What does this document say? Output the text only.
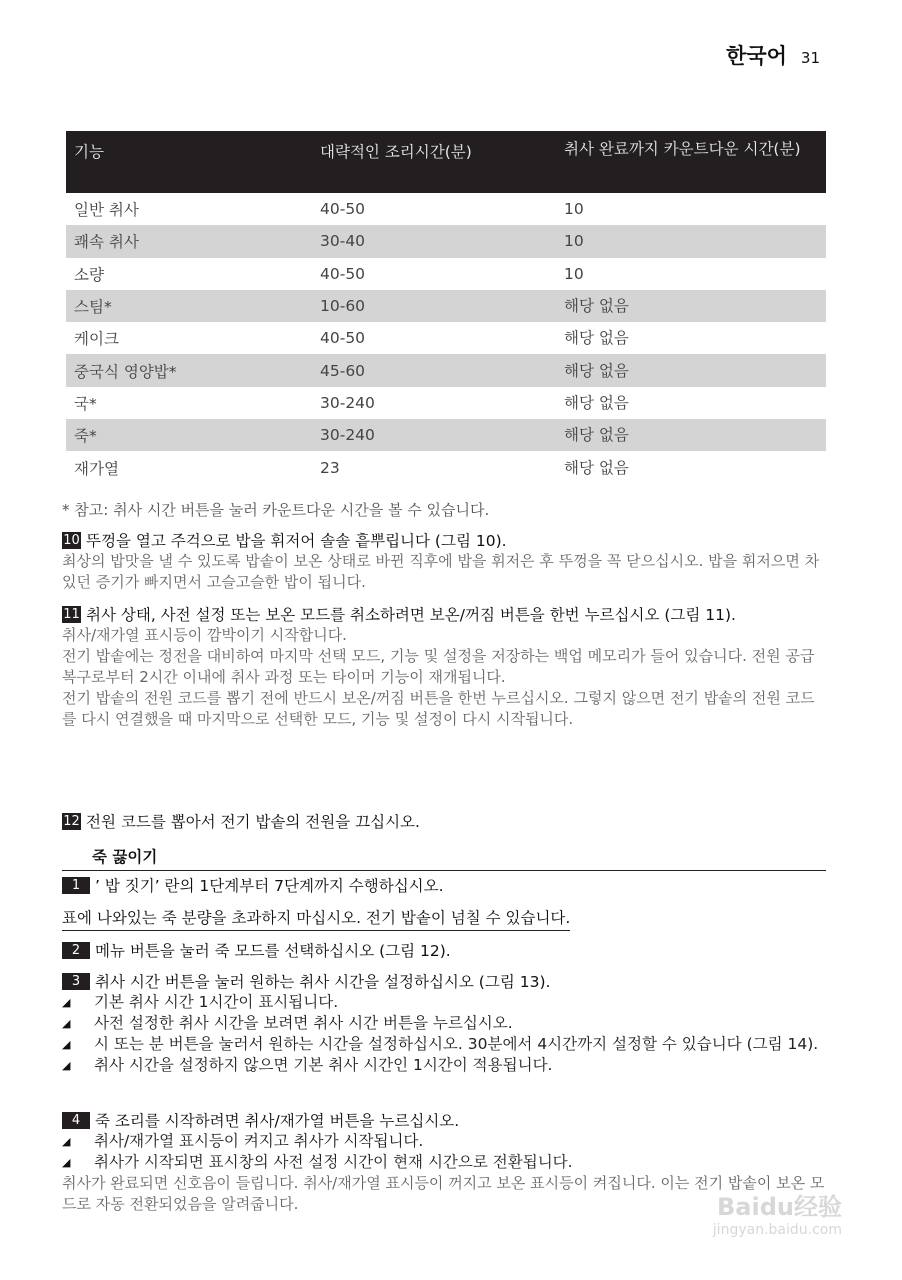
한국어 31
기능	대략적인 조리시간(분)	취사 완료까지 카운트다운 시간(분)
일반 취사	40-50	10
쾌속 취사	30-40	10
소량	40-50	10
스팀*	10-60	해당 없음
케이크	40-50	해당 없음
중국식 영양밥*	45-60	해당 없음
국*	30-240	해당 없음
죽*	30-240	해당 없음
재가열	23	해당 없음
* 참고: 취사 시간 버튼을 눌러 카운트다운 시간을 볼 수 있습니다.
10 뚜껑을 열고 주걱으로 밥을 휘저어 솔솔 흩뿌립니다 (그림 10).
최상의 밥맛을 낼 수 있도록 밥솥이 보온 상태로 바뀐 직후에 밥을 휘저은 후 뚜껑을 꼭 닫으십시오. 밥을 휘저으면 차 있던 증기가 빠지면서 고슬고슬한 밥이 됩니다.
11 취사 상태, 사전 설정 또는 보온 모드를 취소하려면 보온/꺼짐 버튼을 한번 누르십시오 (그림 11).
취사/재가열 표시등이 깜박이기 시작합니다.
전기 밥솥에는 정전을 대비하여 마지막 선택 모드, 기능 및 설정을 저장하는 백업 메모리가 들어 있습니다. 전원 공급 복구로부터 2시간 이내에 취사 과정 또는 타이머 기능이 재개됩니다.
전기 밥솥의 전원 코드를 뽑기 전에 반드시 보온/꺼짐 버튼을 한번 누르십시오. 그렇지 않으면 전기 밥솥의 전원 코드를 다시 연결했을 때 마지막으로 선택한 모드, 기능 및 설정이 다시 시작됩니다.
12 전원 코드를 뽑아서 전기 밥솥의 전원을 끄십시오.
죽 끓이기
1 ’ 밥 짓기’ 란의 1단계부터 7단계까지 수행하십시오.
표에 나와있는 죽 분량을 초과하지 마십시오. 전기 밥솥이 넘칠 수 있습니다.
2 메뉴 버튼을 눌러 죽 모드를 선택하십시오 (그림 12).
3 취사 시간 버튼을 눌러 원하는 취사 시간을 설정하십시오 (그림 13).
◢	기본 취사 시간 1시간이 표시됩니다.
◢	사전 설정한 취사 시간을 보려면 취사 시간 버튼을 누르십시오.
◢	시 또는 분 버튼을 눌러서 원하는 시간을 설정하십시오. 30분에서 4시간까지 설정할 수 있습니다 (그림 14).
◢	취사 시간을 설정하지 않으면 기본 취사 시간인 1시간이 적용됩니다.
4 죽 조리를 시작하려면 취사/재가열 버튼을 누르십시오.
◢	취사/재가열 표시등이 켜지고 취사가 시작됩니다.
◢	취사가 시작되면 표시창의 사전 설정 시간이 현재 시간으로 전환됩니다.
취사가 완료되면 신호음이 들립니다. 취사/재가열 표시등이 꺼지고 보온 표시등이 켜집니다. 이는 전기 밥솥이 보온 모드로 자동 전환되었음을 알려줍니다.	Baidu经验
jingyan.baidu.com
